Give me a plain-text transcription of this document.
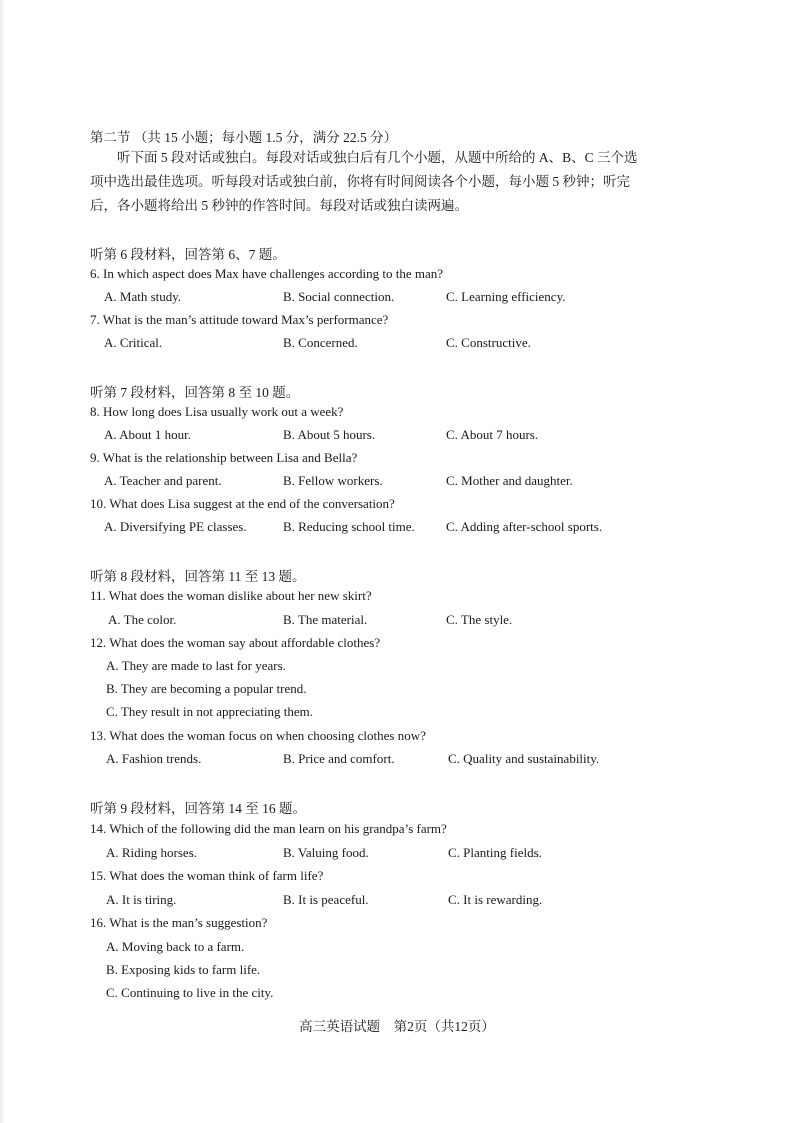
第二节 （共 15 小题；每小题 1.5 分，满分 22.5 分）
　　听下面 5 段对话或独白。每段对话或独白后有几个小题，从题中所给的 A、B、C 三个选
项中选出最佳选项。听每段对话或独白前，你将有时间阅读各个小题，每小题 5 秒钟；听完
后，各小题将给出 5 秒钟的作答时间。每段对话或独白读两遍。
听第 6 段材料，回答第 6、7 题。
6. In which aspect does Max have challenges according to the man?
A. Math study.	B. Social connection.	C. Learning efficiency.
7. What is the man’s attitude toward Max’s performance?
A. Critical.	B. Concerned.	C. Constructive.
听第 7 段材料，回答第 8 至 10 题。
8. How long does Lisa usually work out a week?
A. About 1 hour.	B. About 5 hours.	C. About 7 hours.
9. What is the relationship between Lisa and Bella?
A. Teacher and parent.	B. Fellow workers.	C. Mother and daughter.
10. What does Lisa suggest at the end of the conversation?
A. Diversifying PE classes.	B. Reducing school time. C. Adding after-school sports.
听第 8 段材料，回答第 11 至 13 题。
11. What does the woman dislike about her new skirt?
A. The color.	B. The material.	C. The style.
12. What does the woman say about affordable clothes?
A. They are made to last for years.
B. They are becoming a popular trend.
C. They result in not appreciating them.
13. What does the woman focus on when choosing clothes now?
A. Fashion trends.	B. Price and comfort.	C. Quality and sustainability.
听第 9 段材料，回答第 14 至 16 题。
14. Which of the following did the man learn on his grandpa’s farm?
A. Riding horses.	B. Valuing food.	C. Planting fields.
15. What does the woman think of farm life?
A. It is tiring.	B. It is peaceful.	C. It is rewarding.
16. What is the man’s suggestion?
A. Moving back to a farm.
B. Exposing kids to farm life.
C. Continuing to live in the city.
高三英语试题　第2页（共12页）
